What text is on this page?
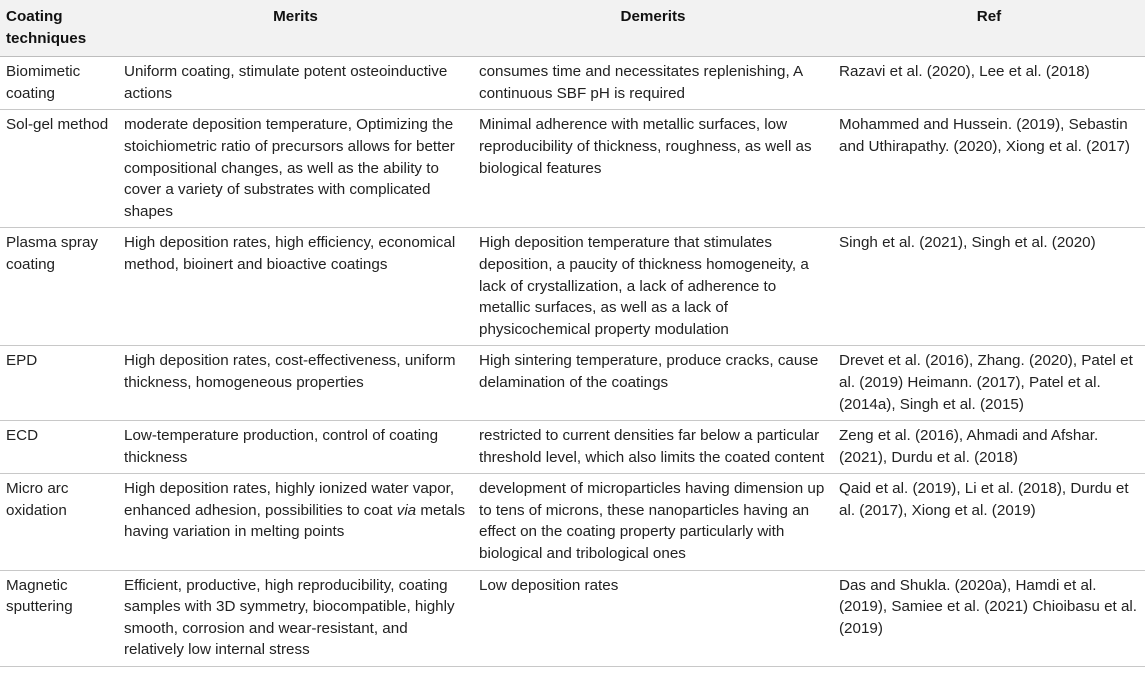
Coating techniques	Merits	Demerits	Ref
Biomimetic coating	Uniform coating, stimulate potent osteoinductive actions	consumes time and necessitates replenishing, A continuous SBF pH is required	Razavi et al. (2020), Lee et al. (2018)
Sol-gel method	moderate deposition temperature, Optimizing the stoichiometric ratio of precursors allows for better compositional changes, as well as the ability to cover a variety of substrates with complicated shapes	Minimal adherence with metallic surfaces, low reproducibility of thickness, roughness, as well as biological features	Mohammed and Hussein. (2019), Sebastin and Uthirapathy. (2020), Xiong et al. (2017)
Plasma spray coating	High deposition rates, high efficiency, economical method, bioinert and bioactive coatings	High deposition temperature that stimulates deposition, a paucity of thickness homogeneity, a lack of crystallization, a lack of adherence to metallic surfaces, as well as a lack of physicochemical property modulation	Singh et al. (2021), Singh et al. (2020)
EPD	High deposition rates, cost-effectiveness, uniform thickness, homogeneous properties	High sintering temperature, produce cracks, cause delamination of the coatings	Drevet et al. (2016), Zhang. (2020), Patel et al. (2019) Heimann. (2017), Patel et al. (2014a), Singh et al. (2015)
ECD	Low-temperature production, control of coating thickness	restricted to current densities far below a particular threshold level, which also limits the coated content	Zeng et al. (2016), Ahmadi and Afshar. (2021), Durdu et al. (2018)
Micro arc oxidation	High deposition rates, highly ionized water vapor, enhanced adhesion, possibilities to coat via metals having variation in melting points	development of microparticles having dimension up to tens of microns, these nanoparticles having an effect on the coating property particularly with biological and tribological ones	Qaid et al. (2019), Li et al. (2018), Durdu et al. (2017), Xiong et al. (2019)
Magnetic sputtering	Efficient, productive, high reproducibility, coating samples with 3D symmetry, biocompatible, highly smooth, corrosion and wear-resistant, and relatively low internal stress	Low deposition rates	Das and Shukla. (2020a), Hamdi et al. (2019), Samiee et al. (2021) Chioibasu et al. (2019)
